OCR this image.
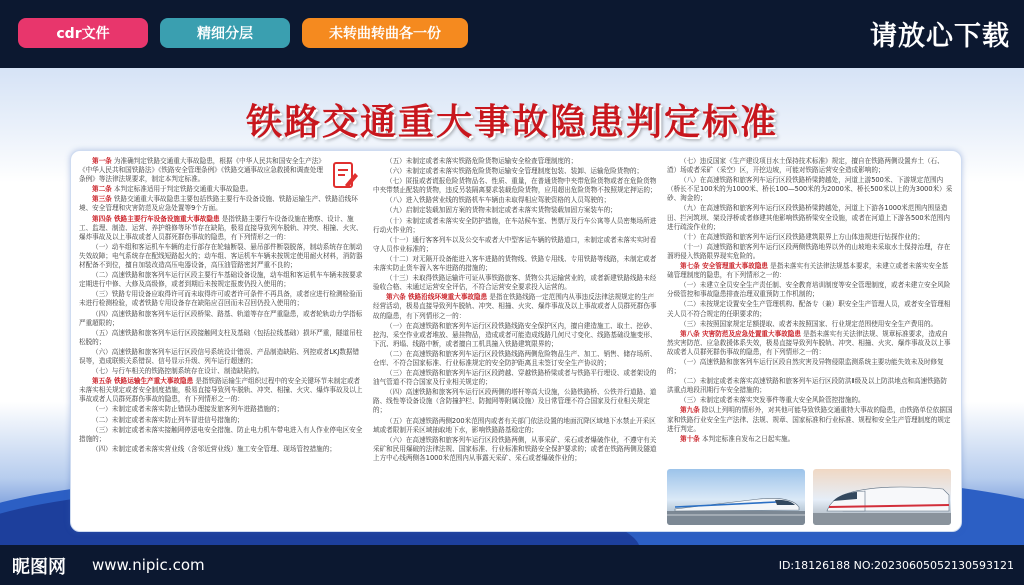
cdr文件	精细分层	未转曲转曲各一份	请放心下载
铁路交通重大事故隐患判定标准

第一条 为准确判定铁路交通重大事故隐患，根据《中华人民共和国安全生产法》《中华人民共和国铁路法》《铁路安全管理条例》《铁路交通事故应急救援和调查处理条例》等法律法规要求，制定本判定标准。

第二条 本判定标准适用于判定铁路交通重大事故隐患。

第三条 铁路交通重大事故隐患主要包括铁路主要行车设备设施、铁路运输生产、铁路沿线环境、安全管理和灾害防范及应急处置等9个方面。

第四条 铁路主要行车设备设施重大事故隐患 是指铁路主要行车设备设施在勘察、设计、施工、监理、制造、运营、养护维修等环节存在缺陷，极易直接导致列车脱轨、冲突、相撞、火灾、爆炸事故及以上事故或者人员群死群伤事故的隐患，有下列情形之一的：

（一）动车组和客运机车车辆的走行部存在轮轴断裂、悬吊部件断裂脱落，制动系统存在制动失效故障；电气系统存在配线短路起火的；动车组、客运机车车辆未按规定使用耐火材料，消防器材配备不到位，擅自加装改造高压电器设备，高压油管路密封严重不良的；

（二）高速铁路和旅客列车运行区段主要行车基础设备设施，动车组和客运机车车辆未按要求定期进行中修、大修及高级修，或者到期后未按规定报废仍投入使用的；

（三）铁路专用设备应取得许可而未取得许可或者许可条件不再具备，或者应进行检测检验而未进行检测检验，或者铁路专用设备存在缺陷应召回而未召回仍投入使用的；

（四）高速铁路和旅客列车运行区段桥梁、路基、轨道等存在严重隐患，或者轮轨动力学指标严重超限的；

（五）高速铁路和旅客列车运行区段接触网支柱及基础（包括拉线基础）损坏严重，隧道吊柱松脱的；

（六）高速铁路和旅客列车运行区段信号系统设计错误、产品制造缺陷、列控或者LKJ数据错误等，造成联锁关系错误、信号显示升级、列车运行超速的；

（七）与行车相关的铁路控制系统存在设计、制造缺陷的。

第五条 铁路运输生产重大事故隐患 是指铁路运输生产组织过程中的安全关键环节未制定或者未落实相关规定或者安全制度措施，极易直接导致列车脱轨、冲突、相撞、火灾、爆炸事故及以上事故或者人员群死群伤事故的隐患，有下列情形之一的：

（一）未制定或者未落实防止错误办理接发旅客列车进路措施的；

（二）未制定或者未落实防止列车冒进信号措施的；

（三）未制定或者未落实接触网停送电安全措施、防止电力机车带电进入有人作业停电区安全措施的；

（四）未制定或者未落实营业线（含邻近营业线）施工安全管理、现场管控措施的；

（五）未制定或者未落实铁路危险货物运输安全检查管理制度的；

（六）未制定或者未落实铁路危险货物运输安全管理制度包装、装卸、运输危险货物的；

（七）匿报或者谎报危险货物品名、性质、重量，在普通货物中夹带危险货物或者在危险货物中夹带禁止配装的货物，违反另装隔离要求装载危险货物，应用超出危险货物不按照规定押运的；

（八）进入铁路营业线的铁路机车车辆由未取得相应驾驶资格的人员驾驶的；

（九）启制定装载加固方案的货物未制定或者未落实货物装载加固方案装车的；

（十）未制定或者未落实安全防护措施，在车站候车室、售票厅及行车公寓等人员密集场所进行动火作业的；

（十一）通行客客列车以及公交车或者大中型客运车辆的铁路道口，未制定或者未落实实时看守人员作业标准的；

（十二）对无隔开设备能进入客车进路的货物线、铁路专用线、专用铁路等线路，未制定或者未落实防止货车溜入客车进路的措施的；

（十三）未取得铁路运输许可证从事铁路旅客、货物公共运输营业的，或者新建铁路线路未经验收合格、未通过运营安全评估，不符合运营安全要求投入运营的。

第六条 铁路沿线环境重大事故隐患 是指在铁路线路一定范围内从事违反法律法规规定的生产经营活动，极易直接导致列车脱轨、冲突、相撞、火灾、爆炸事故及以上事故或者人员群死群伤事故的隐患，有下列情形之一的：

（一）在高速铁路和旅客列车运行区段铁路线路安全保护区内，擅自建造施工、取土、挖砂、挖沟、采空作业或者堆放、悬挂物品，造成或者可能造成线路几何尺寸变化、线路基础设施变形、下沉、坍塌、线路中断，或者擅自工机具撞入铁路建筑限界的；

（二）在高速铁路和旅客列车运行区段铁路线路两侧危险物品生产、加工、销售、储存场所、仓库、不符合国家标准、行业标准规定的安全防护距离且未签订安全生产协议的；

（三）在高速铁路和旅客列车运行区段跨越、穿越铁路桥梁或者与铁路平行埋设、或者架设的油气管道不符合国家及行业相关规定的；

（四）高速铁路和旅客列车运行区段两侧的塔杆等高大设施，公路铁路桥、公铁并行道路、道路、线性等设备设施（含防撞护栏、防抛网等附属设施）及日常管理不符合国家及行业相关规定的；

（五）在高速铁路两侧200米范围内或者有关部门依法设置的地面沉降区域地下水禁止开采区域或者限制开采区域抽取地下水，影响铁路路基稳定的；

（六）在高速铁路和旅客列车运行区段铁路两侧，从事采矿、采石或者爆破作业，不遵守有关采矿和民用爆破的法律法规、国家标准、行业标准和铁路安全保护要求的；或者在铁路两侧及隧道上方中心线两侧各1000米范围内从事露天采矿、采石或者爆破作业的；

（七）违反国家《生产建设项目水土保持技术标准》规定，擅自在铁路两侧设置弃土（石、渣）场或者采矿（采空）区，开挖边坡，可能对铁路运营安全造成影响的；

（八）在高速铁路和旅客列车运行区段铁路桥梁跨越处，河道上游500米、下游规定范围内（桥长不足100米的为1000米、桥长100—500米的为2000米、桥长500米以上的为3000米）采砂、淘金的；

（九）在高速铁路和旅客列车运行区段铁路桥梁跨越处，河道上下游各1000米范围内围垦造田、拦河筑坝、架设浮桥或者修建其他影响铁路桥梁安全设施，或者在河道上下游各500米范围内进行疏浚作业的；

（十）在高速铁路和旅客列车运行区段铁路建筑限界上方山体违规进行钻探作业的；

（十一）高速铁路和旅客列车运行区段两侧铁路地界以外的山坡地未采取水土保持治理，存在溜坍侵入铁路限界现实危险的。

第七条 安全管理重大事故隐患 是指未落实有关法律法规基本要求，未建立或者未落实安全基础管理制度的隐患，有下列情形之一的：

（一）未建立全员安全生产责任制、安全教育培训制度等安全管理制度，或者未建立安全风险分级管控和事故隐患排查治理双重预防工作机制的；

（二）未按规定设置安全生产管理机构、配备专（兼）职安全生产管理人员，或者安全管理相关人员不符合规定的任职要求的；

（三）未按照国家规定足额提取、或者未按照国家、行业规定范围使用安全生产费用的。

第八条 灾害防范及应急处置重大事故隐患 是指未落实有关法律法规、规章标准要求，造成自然灾害防范、应急救援体系失效，极易直接导致列车脱轨、冲突、相撞、火灾、爆炸事故及以上事故或者人员群死群伤事故的隐患，有下列情形之一的：

（一）高速铁路和旅客列车运行区段自然灾害及异物侵限监测系统主要功能失效未及时修复的；

（二）未制定或者未落实高速铁路和旅客列车运行区段防洪Ⅱ级及以上防洪地点和高速铁路防洪重点地段汛期行车安全措施的；

（三）未制定或者未落实突发事件等重大安全风险管控措施的。

第九条 除以上列明的情形外，对其他可能导致铁路交通重特大事故的隐患，由铁路单位依据国家和铁路行业安全生产法律、法规、规章、国家标准和行业标准、规程和安全生产管理制度的规定进行判定。

第十条 本判定标准自发布之日起实施。

昵图网 www.nipic.com	ID:18126188 NO:20230605052130593121
